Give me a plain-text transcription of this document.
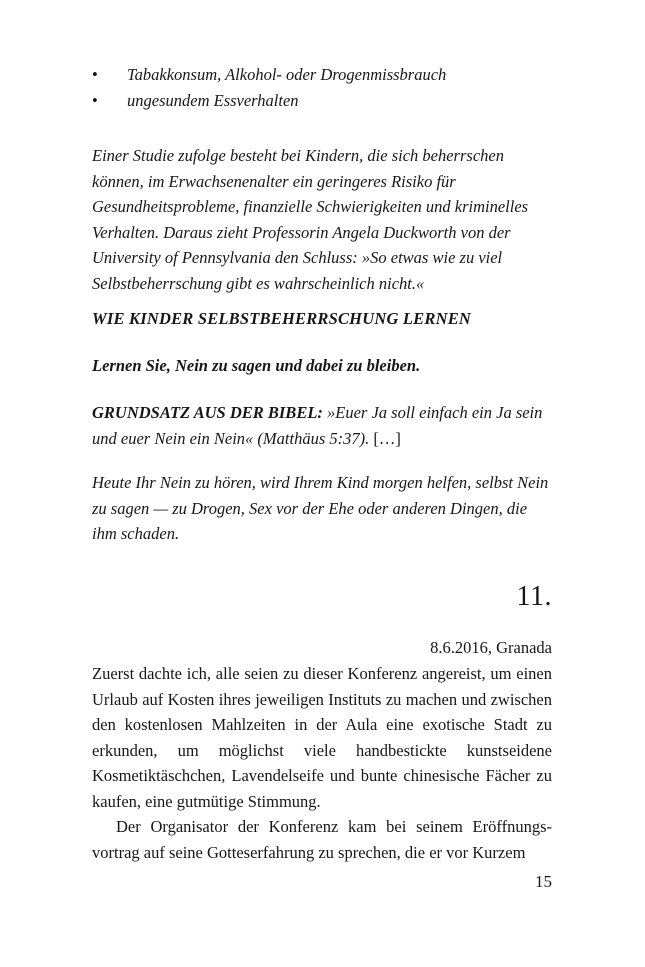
• Tabakkonsum, Alkohol- oder Drogenmissbrauch
• ungesundem Essverhalten
Einer Studie zufolge besteht bei Kindern, die sich beherrschen können, im Erwachsenenalter ein geringeres Risiko für Gesundheitsprobleme, finanzielle Schwierigkeiten und kriminelles Verhalten. Daraus zieht Professorin Angela Duckworth von der University of Pennsylvania den Schluss: »So etwas wie zu viel Selbstbeherrschung gibt es wahrscheinlich nicht.«
WIE KINDER SELBSTBEHERRSCHUNG LERNEN
Lernen Sie, Nein zu sagen und dabei zu bleiben.
GRUNDSATZ AUS DER BIBEL: »Euer Ja soll einfach ein Ja sein und euer Nein ein Nein« (Matthäus 5:37). […]
Heute Ihr Nein zu hören, wird Ihrem Kind morgen helfen, selbst Nein zu sagen — zu Drogen, Sex vor der Ehe oder anderen Dingen, die ihm schaden.
11.
8.6.2016, Granada

Zuerst dachte ich, alle seien zu dieser Konferenz angereist, um einen Urlaub auf Kosten ihres jeweiligen Instituts zu machen und zwischen den kostenlosen Mahlzeiten in der Aula eine exotische Stadt zu erkunden, um möglichst viele handbestickte kunstseidene Kosmetiktäschchen, Lavendelseife und bunte chinesische Fächer zu kaufen, eine gutmütige Stimmung.

Der Organisator der Konferenz kam bei seinem Eröffnungsvortrag auf seine Gotteserfahrung zu sprechen, die er vor Kurzem

15
